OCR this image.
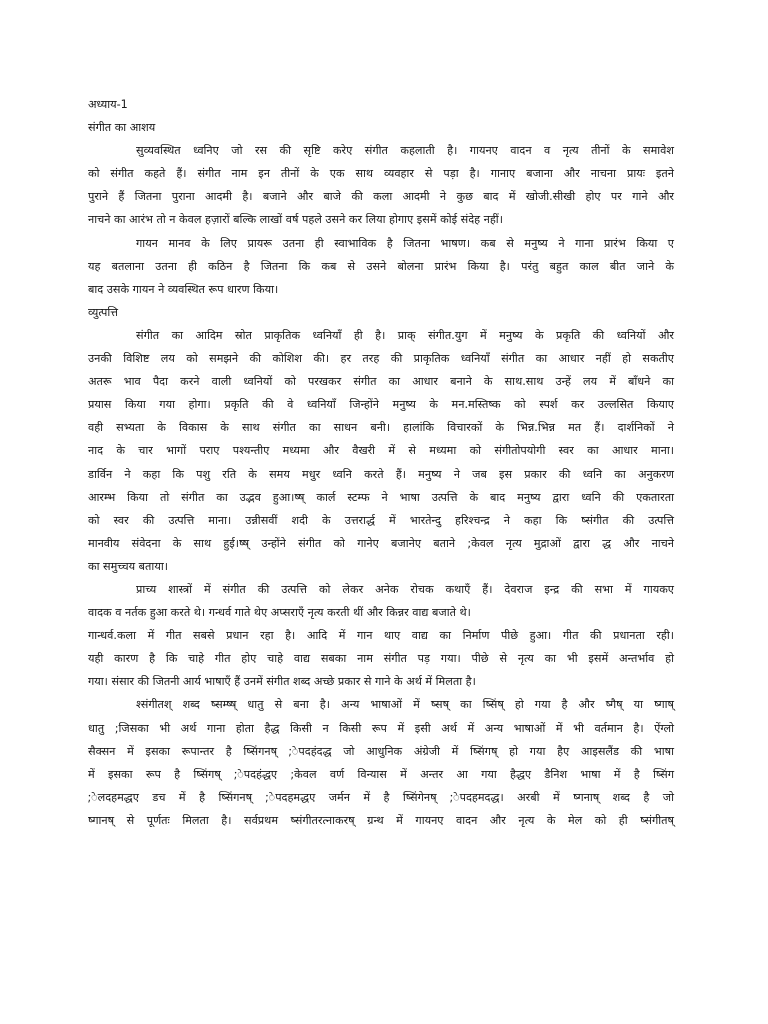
अध्याय-1
संगीत का आशय
सुव्यवस्थित ध्वनिए जो रस की सृष्टि करेए संगीत कहलाती है। गायनए वादन व नृत्य तीनों के समावेश
को संगीत कहते हैं। संगीत नाम इन तीनों के एक साथ व्यवहार से पड़ा है। गानाए बजाना और नाचना प्रायः इतने
पुराने हैं जितना पुराना आदमी है। बजाने और बाजे की कला आदमी ने कुछ बाद में खोजी.सीखी होए पर गाने और
नाचने का आरंभ तो न केवल हज़ारों बल्कि लाखों वर्ष पहले उसने कर लिया होगाए इसमें कोई संदेह नहीं।
गायन मानव के लिए प्रायरू उतना ही स्वाभाविक है जितना भाषण। कब से मनुष्य ने गाना प्रारंभ किया ए
यह बतलाना उतना ही कठिन है जितना कि कब से उसने बोलना प्रारंभ किया है। परंतु बहुत काल बीत जाने के
बाद उसके गायन ने व्यवस्थित रूप धारण किया।
व्युत्पत्ति
संगीत का आदिम स्रोत प्राकृतिक ध्वनियाँ ही है। प्राक् संगीत.युग में मनुष्य के प्रकृति की ध्वनियों और
उनकी विशिष्ट लय को समझने की कोशिश की। हर तरह की प्राकृतिक ध्वनियाँ संगीत का आधार नहीं हो सकतीए
अतरू भाव पैदा करने वाली ध्वनियों को परखकर संगीत का आधार बनाने के साथ.साथ उन्हें लय में बाँधने का
प्रयास किया गया होगा। प्रकृति की वे ध्वनियाँ जिन्होंने मनुष्य के मन.मस्तिष्क को स्पर्श कर उल्लसित कियाए
वही सभ्यता के विकास के साथ संगीत का साधन बनी। हालांकि विचारकों के भिन्न.भिन्न मत हैं। दार्शनिकों ने
नाद के चार भागों पराए पश्यन्तीए मध्यमा और वैखरी में से मध्यमा को संगीतोपयोगी स्वर का आधार माना।
डार्विन ने कहा कि पशु रति के समय मधुर ध्वनि करते हैं। मनुष्य ने जब इस प्रकार की ध्वनि का अनुकरण
आरम्भ किया तो संगीत का उद्भव हुआ।ष्ष् कार्ल स्टम्फ ने भाषा उत्पत्ति के बाद मनुष्य द्वारा ध्वनि की एकतारता
को स्वर की उत्पत्ति माना। उन्नीसवीं शदी के उत्तरार्द्ध में भारतेन्दु हरिश्चन्द्र ने कहा कि ष्संगीत की उत्पत्ति
मानवीय संवेदना के साथ हुई।ष्ष् उन्होंने संगीत को गानेए बजानेए बताने ;केवल नृत्य मुद्राओं द्वारा द्ध और नाचने
का समुच्चय बताया।
प्राच्य शास्त्रों में संगीत की उत्पत्ति को लेकर अनेक रोचक कथाएँ हैं। देवराज इन्द्र की सभा में गायकए
वादक व नर्तक हुआ करते थे। गन्धर्व गाते थेए अप्सराएँ नृत्य करती थीं और किन्नर वाद्य बजाते थे।
गान्धर्व.कला में गीत सबसे प्रधान रहा है। आदि में गान थाए वाद्य का निर्माण पीछे हुआ। गीत की प्रधानता रही।
यही कारण है कि चाहे गीत होए चाहे वाद्य सबका नाम संगीत पड़ गया। पीछे से नृत्य का भी इसमें अन्तर्भाव हो
गया। संसार की जितनी आर्य भाषाएँ हैं उनमें संगीत शब्द अच्छे प्रकार से गाने के अर्थ में मिलता है।
श्संगीतश् शब्द ष्सम्ष्ष् धातु से बना है। अन्य भाषाओं में ष्सष् का ष्सिंष् हो गया है और ष्गैष् या ष्गाष्
धातु ;जिसका भी अर्थ गाना होता हैद्ध किसी न किसी रूप में इसी अर्थ में अन्य भाषाओं में भी वर्तमान है। ऐंग्लो
सैक्सन में इसका रूपान्तर है ष्सिंगनष् ;ेपदहंदद्ध जो आधुनिक अंग्रेजी में ष्सिंगष् हो गया हैए आइसलैंड की भाषा
में इसका रूप है ष्सिंगष् ;ेपदहंद्धए ;केवल वर्ण विन्यास में अन्तर आ गया हैद्धए डैनिश भाषा में है ष्सिंग
;ेलदहमद्धए डच में है ष्सिंगनष् ;ेपदहमद्धए जर्मन में है ष्सिंगेनष् ;ेपदहमदद्ध। अरबी में ष्गनाष् शब्द है जो
ष्गानष् से पूर्णतः मिलता है। सर्वप्रथम ष्संगीतरत्नाकरष् ग्रन्थ में गायनए वादन और नृत्य के मेल को ही ष्संगीतष्
